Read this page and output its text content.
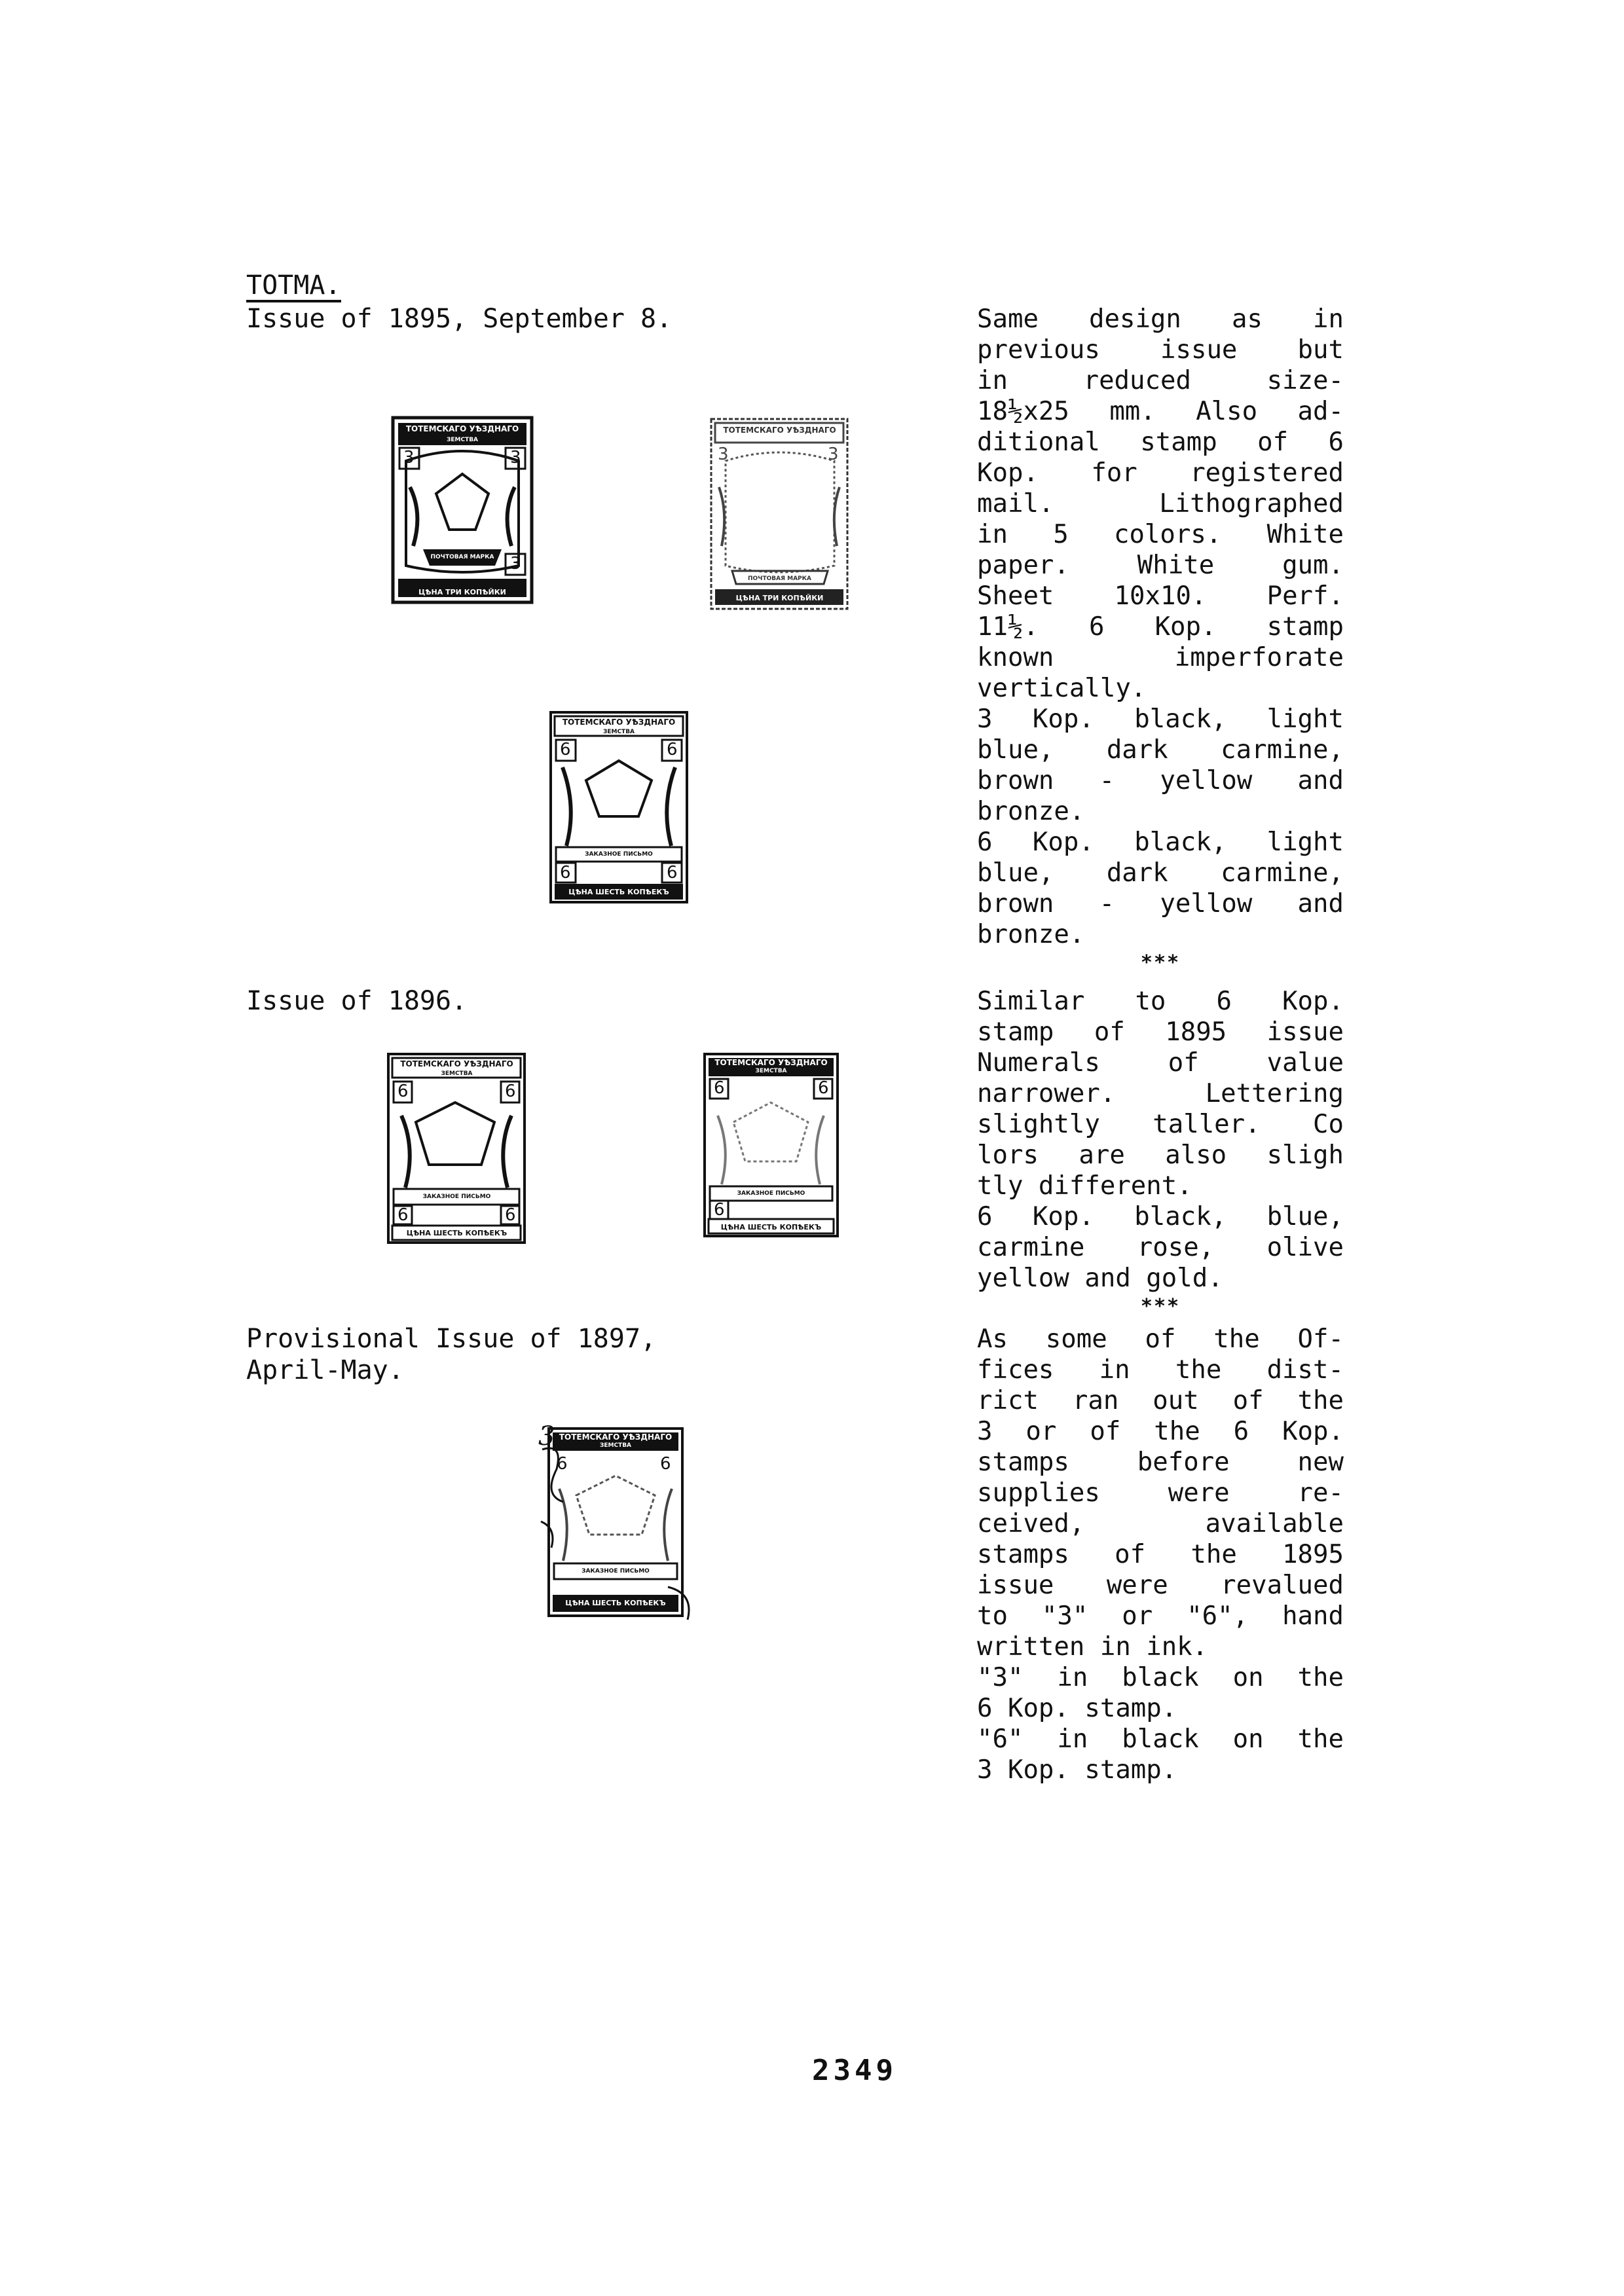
TOTMA.
Issue of 1895, September 8.
Issue of 1896.
Provisional Issue of 1897,
April-May.
Same design as in
previous issue but
in reduced size-
18½x25 mm. Also ad-
ditional stamp of 6
Kop. for registered
mail. Lithographed
in 5 colors. White
paper. White gum.
Sheet 10x10. Perf.
11½. 6 Kop. stamp
known imperforate
vertically.
3 Kop. black, light
blue, dark carmine,
brown - yellow and
bronze.
6 Kop. black, light
blue, dark carmine,
brown - yellow and
bronze.
***
Similar to 6 Kop.
stamp of 1895 issue
Numerals of value
narrower. Lettering
slightly taller. Co
lors are also sligh
tly different.
6 Kop. black, blue,
carmine rose, olive
yellow and gold.
***
As some of the Of-
fices in the dist-
rict ran out of the
3 or of the 6 Kop.
stamps before new
supplies were re-
ceived, available
stamps of the 1895
issue were revalued
to "3" or "6", hand
written in ink.
"3" in black on the
6 Kop. stamp.
"6" in black on the
3 Kop. stamp.
ТОТЕМСКАГО УѢЗДНАГО
ЗЕМСТВА
ПОЧТОВАЯ МАРКА
ЦѢНА ТРИ КОПѢЙКИ
3	3
3
ТОТЕМСКАГО УѢЗДНАГО
ПОЧТОВАЯ МАРКА
ЦѢНА ТРИ КОПѢЙКИ
3	3
ТОТЕМСКАГО УѢЗДНАГО
ЗЕМСТВА
ЗАКАЗНОЕ ПИСЬМО
ЦѢНА ШЕСТЬ КОПѢЕКЪ
6	6
6	6
ТОТЕМСКАГО УѢЗДНАГО
ЗЕМСТВА
ЗАКАЗНОЕ ПИСЬМО
ЦѢНА ШЕСТЬ КОПѢЕКЪ
6	6
6	6
ТОТЕМСКАГО УѢЗДНАГО
ЗЕМСТВА
ЗАКАЗНОЕ ПИСЬМО
ЦѢНА ШЕСТЬ КОПѢЕКЪ
6	6
6
ТОТЕМСКАГО УѢЗДНАГО
ЗЕМСТВА
ЗАКАЗНОЕ ПИСЬМО
ЦѢНА ШЕСТЬ КОПѢЕКЪ
6	6
3
2349
